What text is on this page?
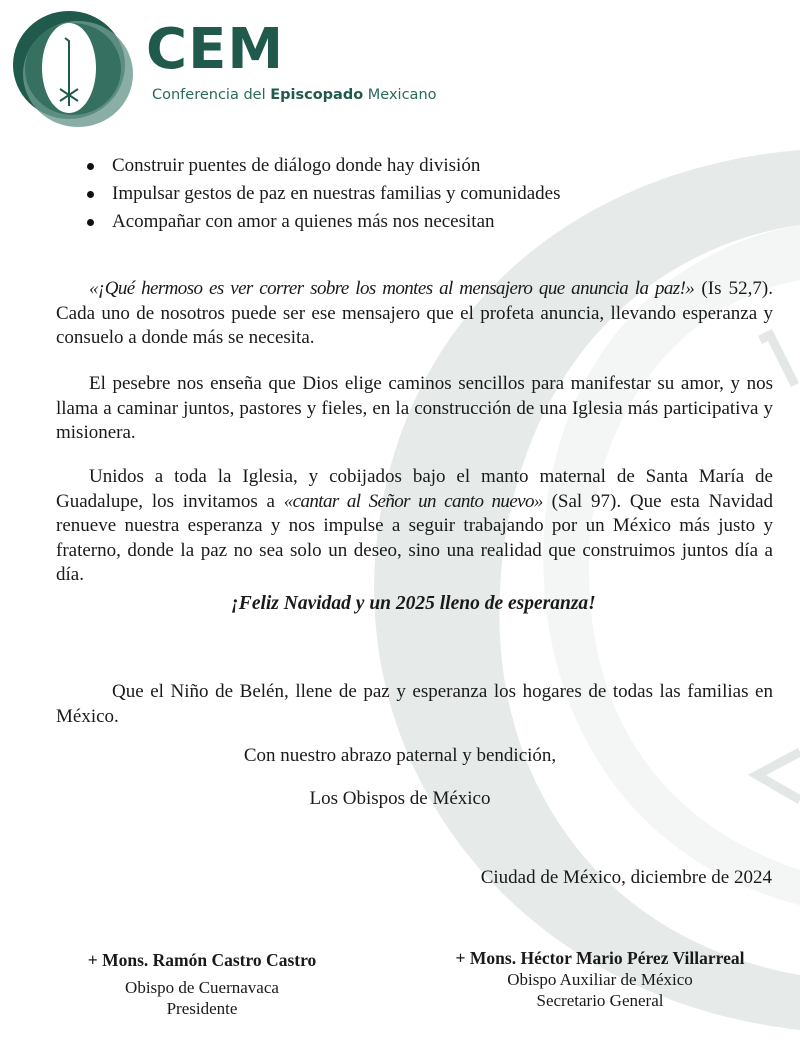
CEM
Conferencia del Episcopado Mexicano
Construir puentes de diálogo donde hay división
Impulsar gestos de paz en nuestras familias y comunidades
Acompañar con amor a quienes más nos necesitan

«¡Qué hermoso es ver correr sobre los montes al mensajero que anuncia la paz!» (Is 52,7). Cada uno de nosotros puede ser ese mensajero que el profeta anuncia, llevando esperanza y consuelo a donde más se necesita.

El pesebre nos enseña que Dios elige caminos sencillos para manifestar su amor, y nos llama a caminar juntos, pastores y fieles, en la construcción de una Iglesia más participativa y misionera.

Unidos a toda la Iglesia, y cobijados bajo el manto maternal de Santa María de Guadalupe, los invitamos a «cantar al Señor un canto nuevo» (Sal 97). Que esta Navidad renueve nuestra esperanza y nos impulse a seguir trabajando por un México más justo y fraterno, donde la paz no sea solo un deseo, sino una realidad que construimos juntos día a día.

¡Feliz Navidad y un 2025 lleno de esperanza!

Que el Niño de Belén, llene de paz y esperanza los hogares de todas las familias en México.

Con nuestro abrazo paternal y bendición,
Los Obispos de México
Ciudad de México, diciembre de 2024
+ Mons. Ramón Castro Castro
Obispo de Cuernavaca
Presidente
+ Mons. Héctor Mario Pérez Villarreal
Obispo Auxiliar de México
Secretario General
